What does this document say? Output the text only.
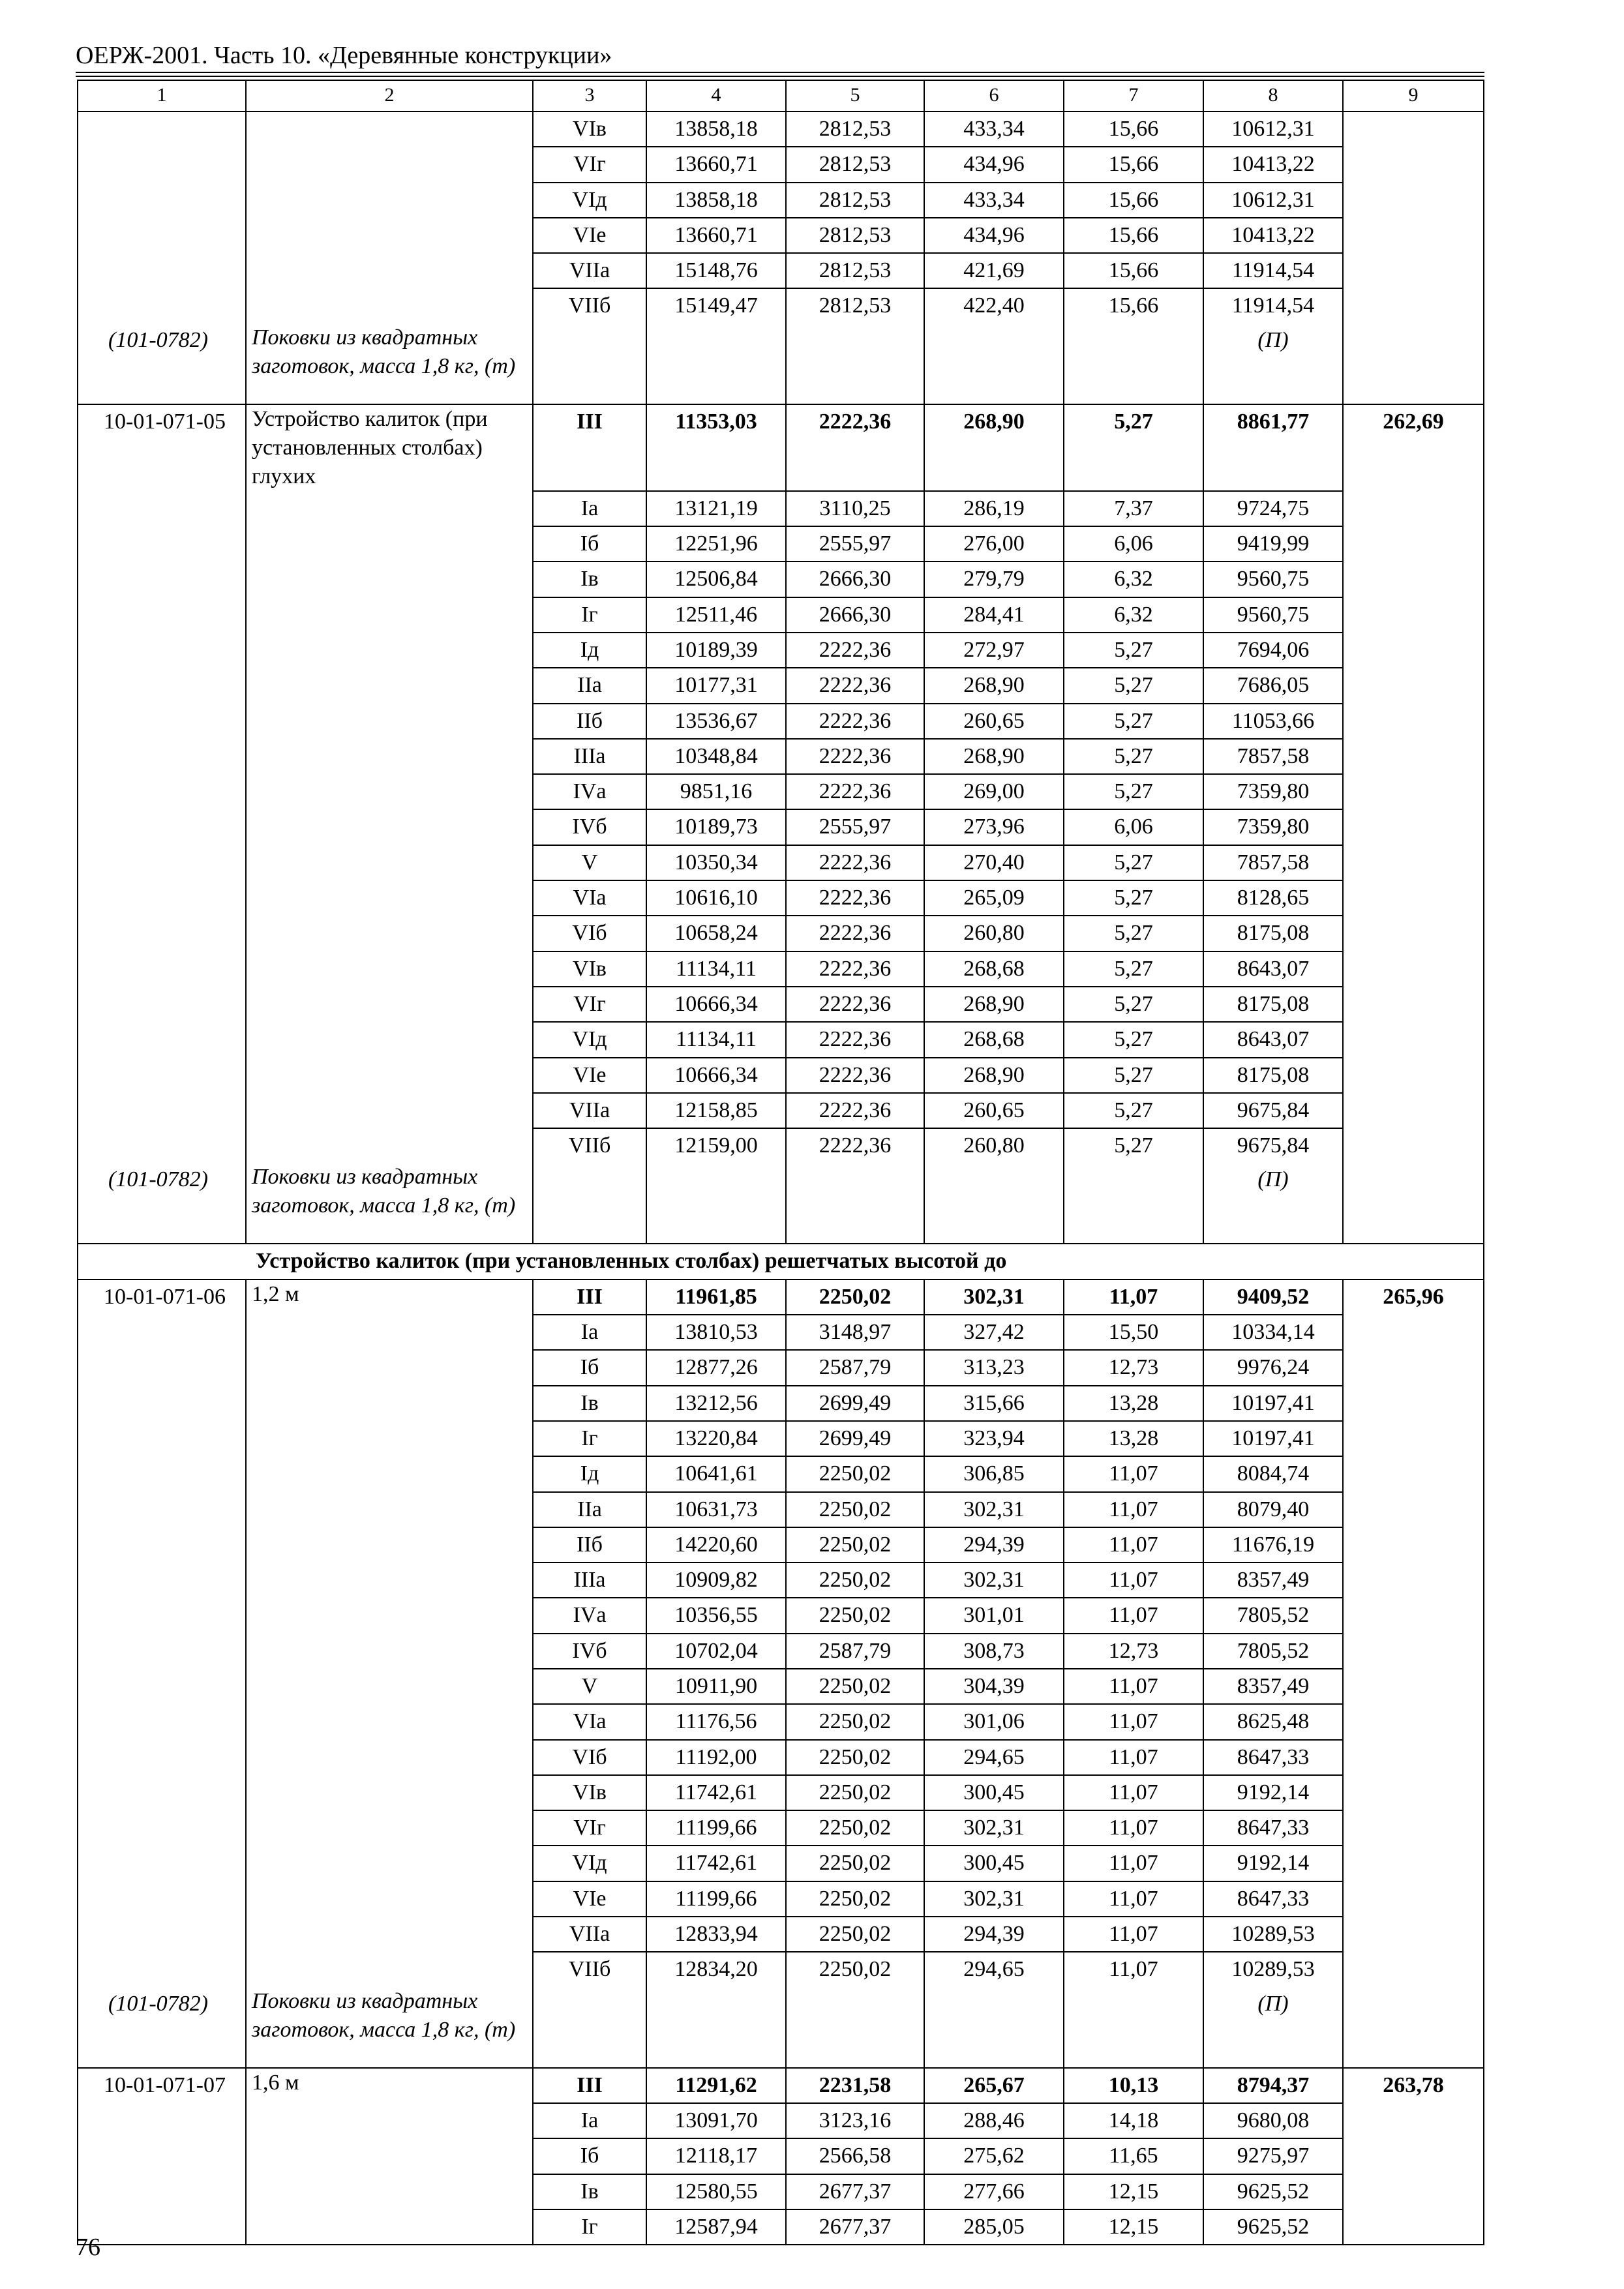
ОЕРЖ-2001. Часть 10. «Деревянные конструкции»
1	2	3	4	5	6	7	8	9
		VIв	13858,18	2812,53	433,34	15,66	10612,31	
		VIг	13660,71	2812,53	434,96	15,66	10413,22	
		VIд	13858,18	2812,53	433,34	15,66	10612,31	
		VIе	13660,71	2812,53	434,96	15,66	10413,22	
		VIIа	15148,76	2812,53	421,69	15,66	11914,54	
		VIIб	15149,47	2812,53	422,40	15,66	11914,54	
(101-0782)	Поковки из квадратных заготовок, масса 1,8 кг, (т)						(П)	
10-01-071-05	Устройство калиток (при установленных столбах) глухих	III	11353,03	2222,36	268,90	5,27	8861,77	262,69
		Iа	13121,19	3110,25	286,19	7,37	9724,75	
		Iб	12251,96	2555,97	276,00	6,06	9419,99	
		Iв	12506,84	2666,30	279,79	6,32	9560,75	
		Iг	12511,46	2666,30	284,41	6,32	9560,75	
		Iд	10189,39	2222,36	272,97	5,27	7694,06	
		IIа	10177,31	2222,36	268,90	5,27	7686,05	
		IIб	13536,67	2222,36	260,65	5,27	11053,66	
		IIIа	10348,84	2222,36	268,90	5,27	7857,58	
		IVа	9851,16	2222,36	269,00	5,27	7359,80	
		IVб	10189,73	2555,97	273,96	6,06	7359,80	
		V	10350,34	2222,36	270,40	5,27	7857,58	
		VIа	10616,10	2222,36	265,09	5,27	8128,65	
		VIб	10658,24	2222,36	260,80	5,27	8175,08	
		VIв	11134,11	2222,36	268,68	5,27	8643,07	
		VIг	10666,34	2222,36	268,90	5,27	8175,08	
		VIд	11134,11	2222,36	268,68	5,27	8643,07	
		VIе	10666,34	2222,36	268,90	5,27	8175,08	
		VIIа	12158,85	2222,36	260,65	5,27	9675,84	
		VIIб	12159,00	2222,36	260,80	5,27	9675,84	
(101-0782)	Поковки из квадратных заготовок, масса 1,8 кг, (т)						(П)	
Устройство калиток (при установленных столбах) решетчатых высотой до								
10-01-071-06	1,2 м	III	11961,85	2250,02	302,31	11,07	9409,52	265,96
		Iа	13810,53	3148,97	327,42	15,50	10334,14	
		Iб	12877,26	2587,79	313,23	12,73	9976,24	
		Iв	13212,56	2699,49	315,66	13,28	10197,41	
		Iг	13220,84	2699,49	323,94	13,28	10197,41	
		Iд	10641,61	2250,02	306,85	11,07	8084,74	
		IIа	10631,73	2250,02	302,31	11,07	8079,40	
		IIб	14220,60	2250,02	294,39	11,07	11676,19	
		IIIа	10909,82	2250,02	302,31	11,07	8357,49	
		IVа	10356,55	2250,02	301,01	11,07	7805,52	
		IVб	10702,04	2587,79	308,73	12,73	7805,52	
		V	10911,90	2250,02	304,39	11,07	8357,49	
		VIа	11176,56	2250,02	301,06	11,07	8625,48	
		VIб	11192,00	2250,02	294,65	11,07	8647,33	
		VIв	11742,61	2250,02	300,45	11,07	9192,14	
		VIг	11199,66	2250,02	302,31	11,07	8647,33	
		VIд	11742,61	2250,02	300,45	11,07	9192,14	
		VIе	11199,66	2250,02	302,31	11,07	8647,33	
		VIIа	12833,94	2250,02	294,39	11,07	10289,53	
		VIIб	12834,20	2250,02	294,65	11,07	10289,53	
(101-0782)	Поковки из квадратных заготовок, масса 1,8 кг, (т)						(П)	
10-01-071-07	1,6 м	III	11291,62	2231,58	265,67	10,13	8794,37	263,78
		Iа	13091,70	3123,16	288,46	14,18	9680,08	
		Iб	12118,17	2566,58	275,62	11,65	9275,97	
		Iв	12580,55	2677,37	277,66	12,15	9625,52	
		Iг	12587,94	2677,37	285,05	12,15	9625,52	
76
